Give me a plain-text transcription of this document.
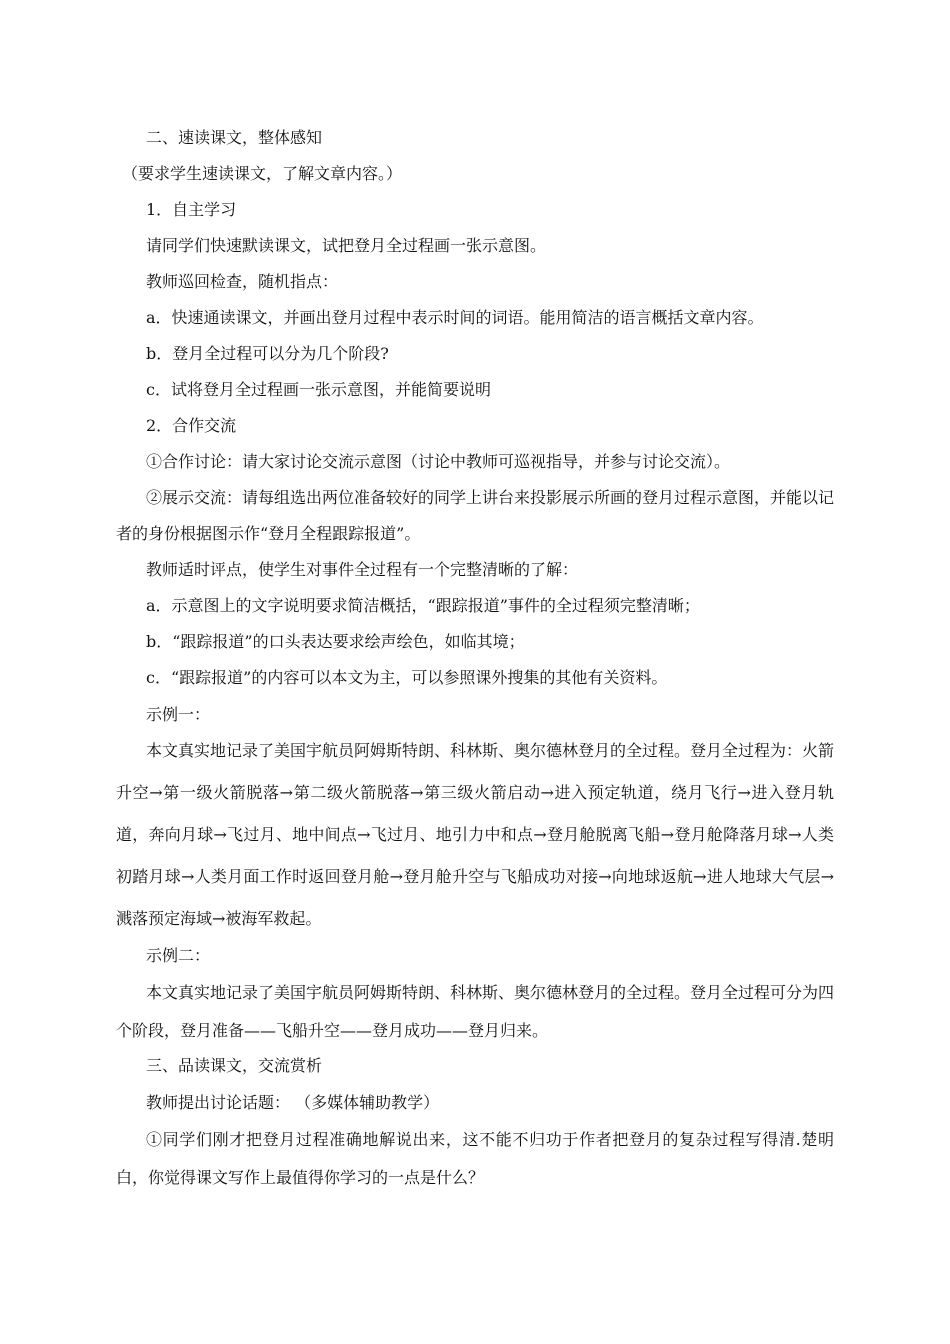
二、速读课文，整体感知

（要求学生速读课文，了解文章内容。）

1．自主学习

请同学们快速默读课文，试把登月全过程画一张示意图。

教师巡回检查，随机指点：

a．快速通读课文，并画出登月过程中表示时间的词语。能用简洁的语言概括文章内容。

b．登月全过程可以分为几个阶段?

c．试将登月全过程画一张示意图，并能简要说明

2．合作交流

①合作讨论：请大家讨论交流示意图（讨论中教师可巡视指导，并参与讨论交流）。

②展示交流：请每组选出两位准备较好的同学上讲台来投影展示所画的登月过程示意图，并能以记者的身份根据图示作“登月全程跟踪报道”。

教师适时评点，使学生对事件全过程有一个完整清晰的了解：

a．示意图上的文字说明要求简洁概括，“跟踪报道”事件的全过程须完整清晰；

b．“跟踪报道”的口头表达要求绘声绘色，如临其境；

c．“跟踪报道”的内容可以本文为主，可以参照课外搜集的其他有关资料。

示例一：

本文真实地记录了美国宇航员阿姆斯特朗、科林斯、奥尔德林登月的全过程。登月全过程为：火箭升空→第一级火箭脱落→第二级火箭脱落→第三级火箭启动→进入预定轨道，绕月飞行→进入登月轨道，奔向月球→飞过月、地中间点→飞过月、地引力中和点→登月舱脱离飞船→登月舱降落月球→人类初踏月球→人类月面工作时返回登月舱→登月舱升空与飞船成功对接→向地球返航→进人地球大气层→溅落预定海域→被海军救起。

示例二：

本文真实地记录了美国宇航员阿姆斯特朗、科林斯、奥尔德林登月的全过程。登月全过程可分为四个阶段，登月准备——飞船升空——登月成功——登月归来。

三、品读课文，交流赏析

教师提出讨论话题： （多媒体辅助教学）

①同学们刚才把登月过程准确地解说出来，这不能不归功于作者把登月的复杂过程写得清.楚明白，你觉得课文写作上最值得你学习的一点是什么？
